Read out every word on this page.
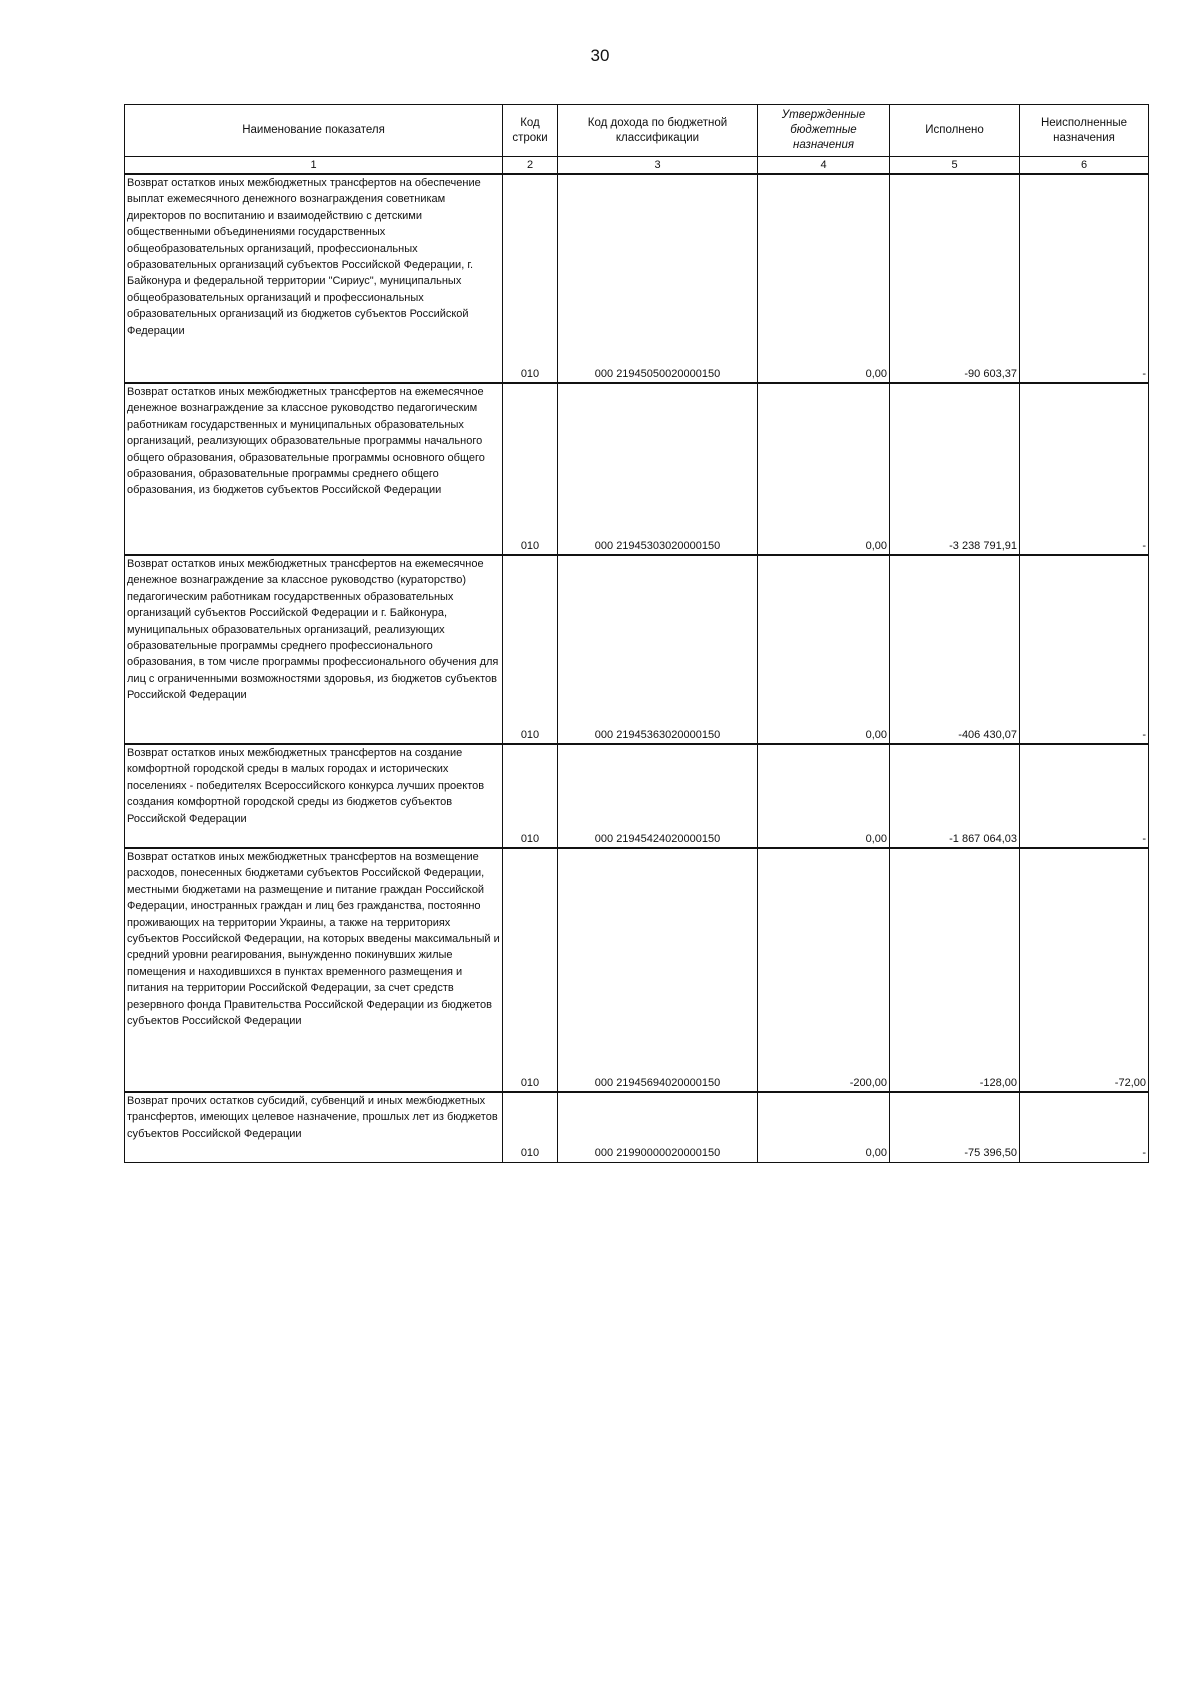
30
Наименование показателя	Код строки	Код дохода по бюджетной классификации	Утвержденные бюджетные назначения	Исполнено	Неисполненные назначения
1	2	3	4	5	6
Возврат остатков иных межбюджетных трансфертов на обеспечение выплат ежемесячного денежного вознаграждения советникам директоров по воспитанию и взаимодействию с детскими общественными объединениями государственных общеобразовательных организаций, профессиональных образовательных организаций субъектов Российской Федерации, г. Байконура и федеральной территории "Сириус", муниципальных общеобразовательных организаций и профессиональных образовательных организаций из бюджетов субъектов Российской Федерации	010	000 21945050020000150	0,00	-90 603,37	-
Возврат остатков иных межбюджетных трансфертов на ежемесячное денежное вознаграждение за классное руководство педагогическим работникам государственных и муниципальных образовательных организаций, реализующих образовательные программы начального общего образования, образовательные программы основного общего образования, образовательные программы среднего общего образования, из бюджетов субъектов Российской Федерации	010	000 21945303020000150	0,00	-3 238 791,91	-
Возврат остатков иных межбюджетных трансфертов на ежемесячное денежное вознаграждение за классное руководство (кураторство) педагогическим работникам государственных образовательных организаций субъектов Российской Федерации и г. Байконура, муниципальных образовательных организаций, реализующих образовательные программы среднего профессионального образования, в том числе программы профессионального обучения для лиц с ограниченными возможностями здоровья, из бюджетов субъектов Российской Федерации	010	000 21945363020000150	0,00	-406 430,07	-
Возврат остатков иных межбюджетных трансфертов на создание комфортной городской среды в малых городах и исторических поселениях - победителях Всероссийского конкурса лучших проектов создания комфортной городской среды из бюджетов субъектов Российской Федерации	010	000 21945424020000150	0,00	-1 867 064,03	-
Возврат остатков иных межбюджетных трансфертов на возмещение расходов, понесенных бюджетами субъектов Российской Федерации, местными бюджетами на размещение и питание граждан Российской Федерации, иностранных граждан и лиц без гражданства, постоянно проживающих на территории Украины, а также на территориях субъектов Российской Федерации, на которых введены максимальный и средний уровни реагирования, вынужденно покинувших жилые помещения и находившихся в пунктах временного размещения и питания на территории Российской Федерации, за счет средств резервного фонда Правительства Российской Федерации из бюджетов субъектов Российской Федерации	010	000 21945694020000150	-200,00	-128,00	-72,00
Возврат прочих остатков субсидий, субвенций и иных межбюджетных трансфертов, имеющих целевое назначение, прошлых лет из бюджетов субъектов Российской Федерации	010	000 21990000020000150	0,00	-75 396,50	-
